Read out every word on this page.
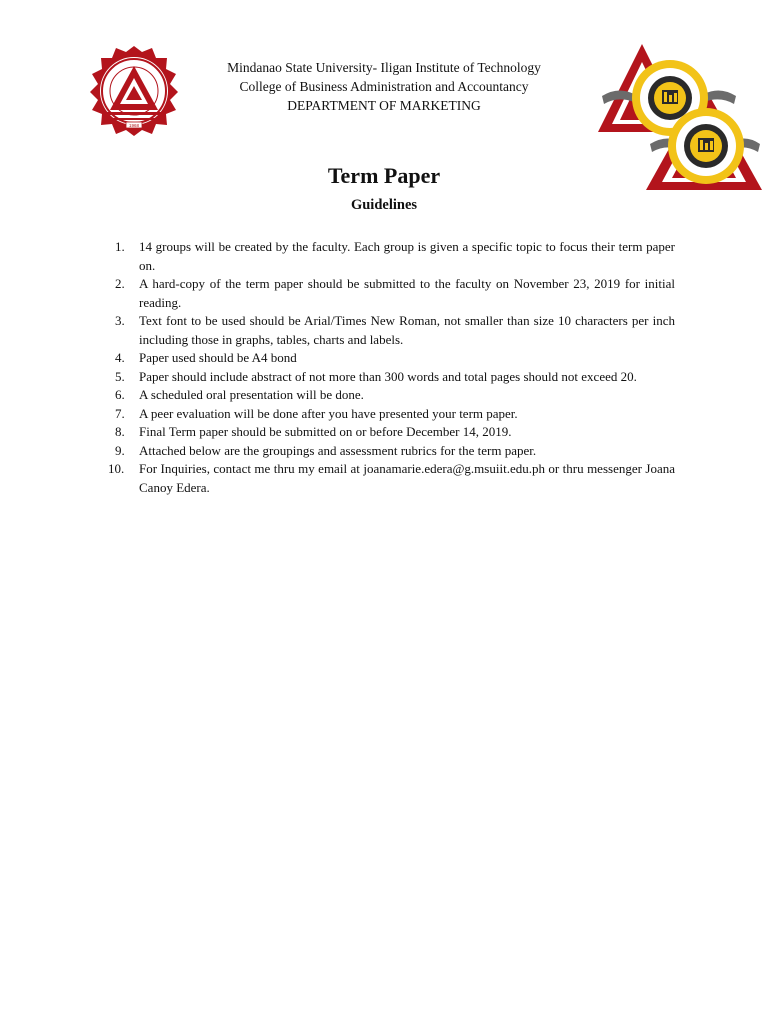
1968
Mindanao State University- Iligan Institute of Technology
College of Business Administration and Accountancy
DEPARTMENT OF MARKETING
Term Paper
Guidelines
1. 14 groups will be created by the faculty. Each group is given a specific topic to focus their term paper on.
2. A hard-copy of the term paper should be submitted to the faculty on November 23, 2019 for initial reading.
3. Text font to be used should be Arial/Times New Roman, not smaller than size 10 characters per inch including those in graphs, tables, charts and labels.
4. Paper used should be A4 bond
5. Paper should include abstract of not more than 300 words and total pages should not exceed 20.
6. A scheduled oral presentation will be done.
7. A peer evaluation will be done after you have presented your term paper.
8. Final Term paper should be submitted on or before December 14, 2019.
9. Attached below are the groupings and assessment rubrics for the term paper.
10. For Inquiries, contact me thru my email at joanamarie.edera@g.msuiit.edu.ph or thru messenger Joana Canoy Edera.
